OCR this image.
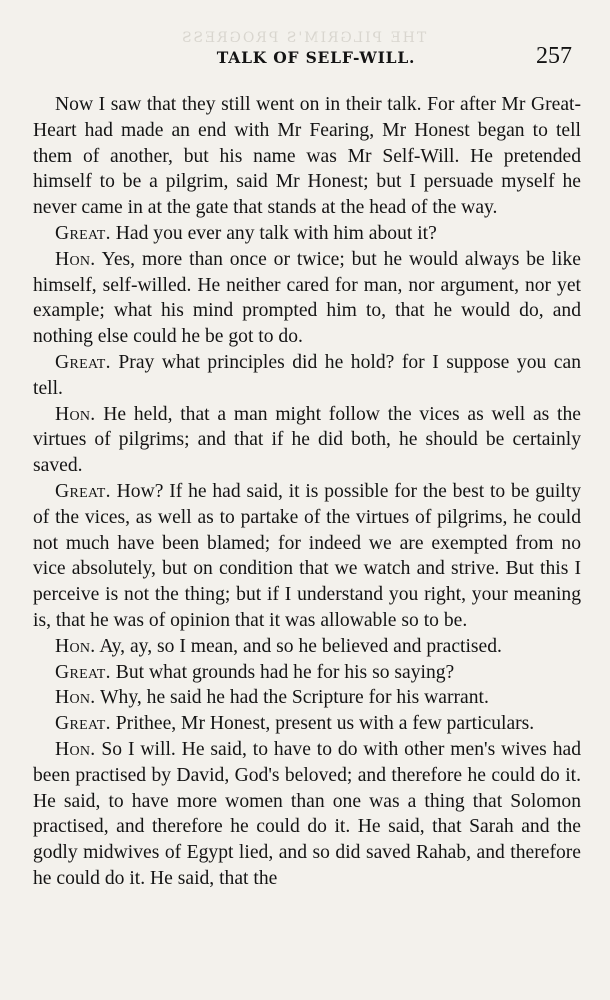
THE PILGRIM'S PROGRESS
TALK OF SELF-WILL.	257

Now I saw that they still went on in their talk. For after Mr Great-Heart had made an end with Mr Fearing, Mr Honest began to tell them of another, but his name was Mr Self-Will. He pretended himself to be a pilgrim, said Mr Honest; but I persuade myself he never came in at the gate that stands at the head of the way.

Great. Had you ever any talk with him about it?

Hon. Yes, more than once or twice; but he would always be like himself, self-willed. He neither cared for man, nor argument, nor yet example; what his mind prompted him to, that he would do, and nothing else could he be got to do.

Great. Pray what principles did he hold? for I suppose you can tell.

Hon. He held, that a man might follow the vices as well as the virtues of pilgrims; and that if he did both, he should be certainly saved.

Great. How? If he had said, it is possible for the best to be guilty of the vices, as well as to partake of the virtues of pilgrims, he could not much have been blamed; for indeed we are exempted from no vice absolutely, but on condition that we watch and strive. But this I perceive is not the thing; but if I understand you right, your meaning is, that he was of opinion that it was allowable so to be.

Hon. Ay, ay, so I mean, and so he believed and practised.

Great. But what grounds had he for his so saying?

Hon. Why, he said he had the Scripture for his warrant.

Great. Prithee, Mr Honest, present us with a few particulars.

Hon. So I will. He said, to have to do with other men's wives had been practised by David, God's beloved; and therefore he could do it. He said, to have more women than one was a thing that Solomon practised, and therefore he could do it. He said, that Sarah and the godly midwives of Egypt lied, and so did saved Rahab, and therefore he could do it. He said, that the
